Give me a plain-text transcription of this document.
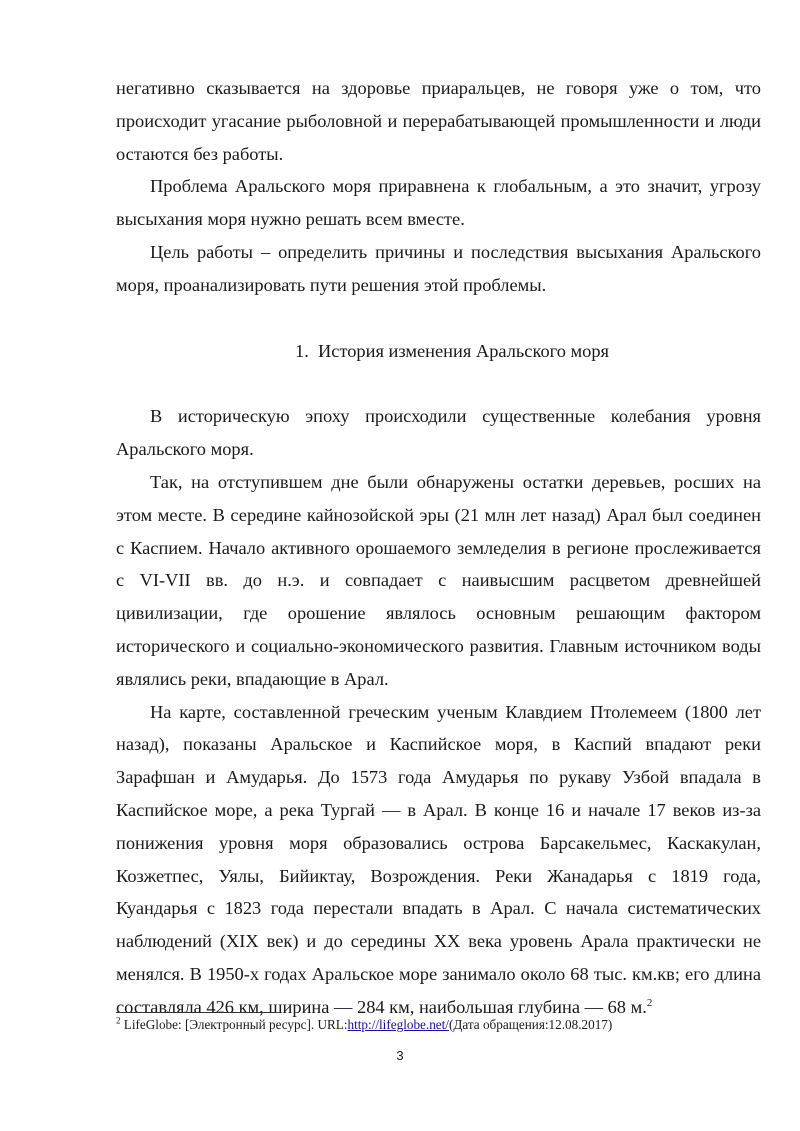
негативно сказывается на здоровье приаральцев, не говоря уже о том, что происходит угасание рыболовной и перерабатывающей промышленности и люди остаются без работы.

Проблема Аральского моря приравнена к глобальным, а это значит, угрозу высыхания моря нужно решать всем вместе.

Цель работы – определить причины и последствия высыхания Аральского моря, проанализировать пути решения этой проблемы.

1. История изменения Аральского моря

В историческую эпоху происходили существенные колебания уровня Аральского моря.

Так, на отступившем дне были обнаружены остатки деревьев, росших на этом месте. В середине кайнозойской эры (21 млн лет назад) Арал был соединен с Каспием. Начало активного орошаемого земледелия в регионе прослеживается с VI-VII вв. до н.э. и совпадает с наивысшим расцветом древнейшей цивилизации, где орошение являлось основным решающим фактором исторического и социально-экономического развития. Главным источником воды являлись реки, впадающие в Арал.

На карте, составленной греческим ученым Клавдием Птолемеем (1800 лет назад), показаны Аральское и Каспийское моря, в Каспий впадают реки Зарафшан и Амударья. До 1573 года Амударья по рукаву Узбой впадала в Каспийское море, а река Тургай — в Арал. В конце 16 и начале 17 веков из-за понижения уровня моря образовались острова Барсакельмес, Каскакулан, Козжетпес, Уялы, Бийиктау, Возрождения. Реки Жанадарья с 1819 года, Куандарья с 1823 года перестали впадать в Арал. С начала систематических наблюдений (XIX век) и до середины XX века уровень Арала практически не менялся. В 1950-х годах Аральское море занимало около 68 тыс. км.кв; его длина составляла 426 км, ширина — 284 км, наибольшая глубина — 68 м.$^2$

$^2$ LifeGlobe: [Электронный ресурс]. URL:http://lifeglobe.net/(Дата обращения:12.08.2017)
3
